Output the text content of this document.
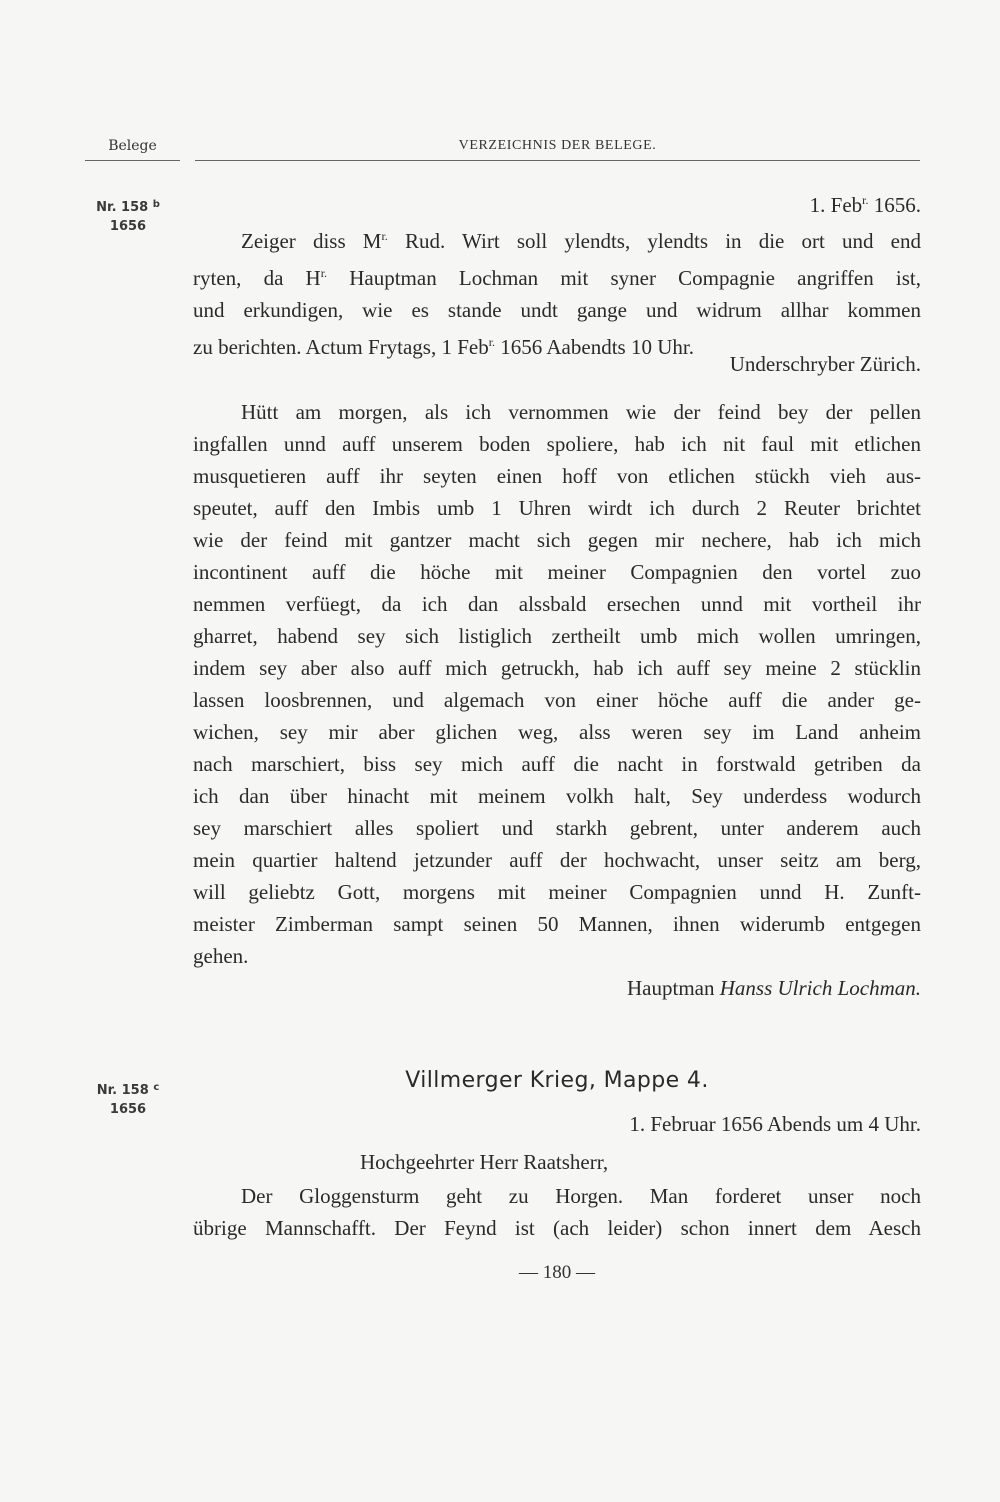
Belege	VERZEICHNIS DER BELEGE.
Nr. 158 $^b$
1656
1. Feb$^{r.}$ 1656.
Zeiger diss $M^{r.}$ Rud. Wirt soll ylendts, ylendts in die ort und end
ryten, da $H^{r.}$ Hauptman Lochman mit syner Compagnie angriffen ist,
und erkundigen, wie es stande undt gange und widrum allhar kommen
zu berichten. Actum Frytags, 1 Feb$^{r.}$ 1656 Aabendts 10 Uhr.
Underschryber Zürich.
Hütt am morgen, als ich vernommen wie der feind bey der pellen
ingfallen unnd auff unserem boden spoliere, hab ich nit faul mit etlichen
musquetieren auff ihr seyten einen hoff von etlichen stückh vieh aus-
speutet, auff den Imbis umb 1 Uhren wirdt ich durch 2 Reuter brichtet
wie der feind mit gantzer macht sich gegen mir nechere, hab ich mich
incontinent auff die höche mit meiner Compagnien den vortel zuo
nemmen verfüegt, da ich dan alssbald ersechen unnd mit vortheil ihr
gharret, habend sey sich listiglich zertheilt umb mich wollen umringen,
indem sey aber also auff mich getruckh, hab ich auff sey meine 2 stücklin
lassen loosbrennen, und algemach von einer höche auff die ander ge-
wichen, sey mir aber glichen weg, alss weren sey im Land anheim
nach marschiert, biss sey mich auff die nacht in forstwald getriben da
ich dan über hinacht mit meinem volkh halt, Sey underdess wodurch
sey marschiert alles spoliert und starkh gebrent, unter anderem auch
mein quartier haltend jetzunder auff der hochwacht, unser seitz am berg,
will geliebtz Gott, morgens mit meiner Compagnien unnd H. Zunft-
meister Zimberman sampt seinen 50 Mannen, ihnen widerumb entgegen
gehen.
Hauptman Hanss Ulrich Lochman.
Nr. 158 $^c$
1656
Villmerger Krieg, Mappe 4.
1. Februar 1656 Abends um 4 Uhr.
Hochgeehrter Herr Raatsherr,
Der Gloggensturm geht zu Horgen. Man forderet unser noch
übrige Mannschafft. Der Feynd ist (ach leider) schon innert dem Aesch
— 180 —
